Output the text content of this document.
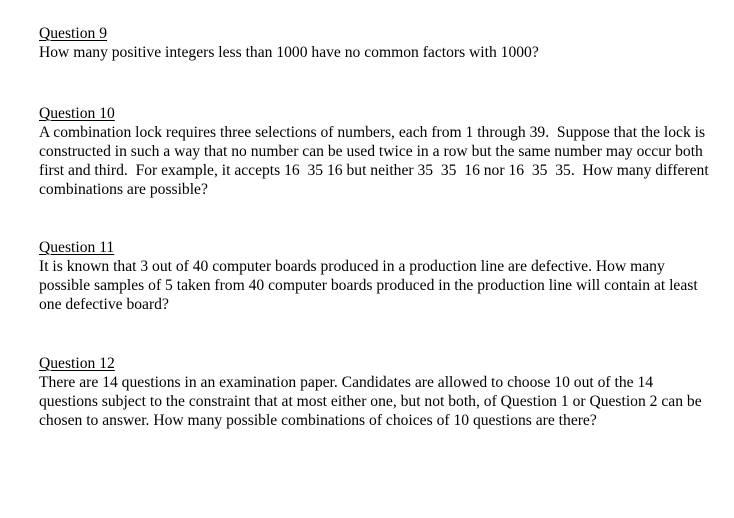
Question 9

How many positive integers less than 1000 have no common factors with 1000?

Question 10

A combination lock requires three selections of numbers, each from 1 through 39.  Suppose that the lock is constructed in such a way that no number can be used twice in a row but the same number may occur both first and third.  For example, it accepts 16  35 16 but neither 35  35  16 nor 16  35  35.  How many different combinations are possible?

Question 11

It is known that 3 out of 40 computer boards produced in a production line are defective. How many possible samples of 5 taken from 40 computer boards produced in the production line will contain at least one defective board?

Question 12

There are 14 questions in an examination paper. Candidates are allowed to choose 10 out of the 14 questions subject to the constraint that at most either one, but not both, of Question 1 or Question 2 can be chosen to answer. How many possible combinations of choices of 10 questions are there?
